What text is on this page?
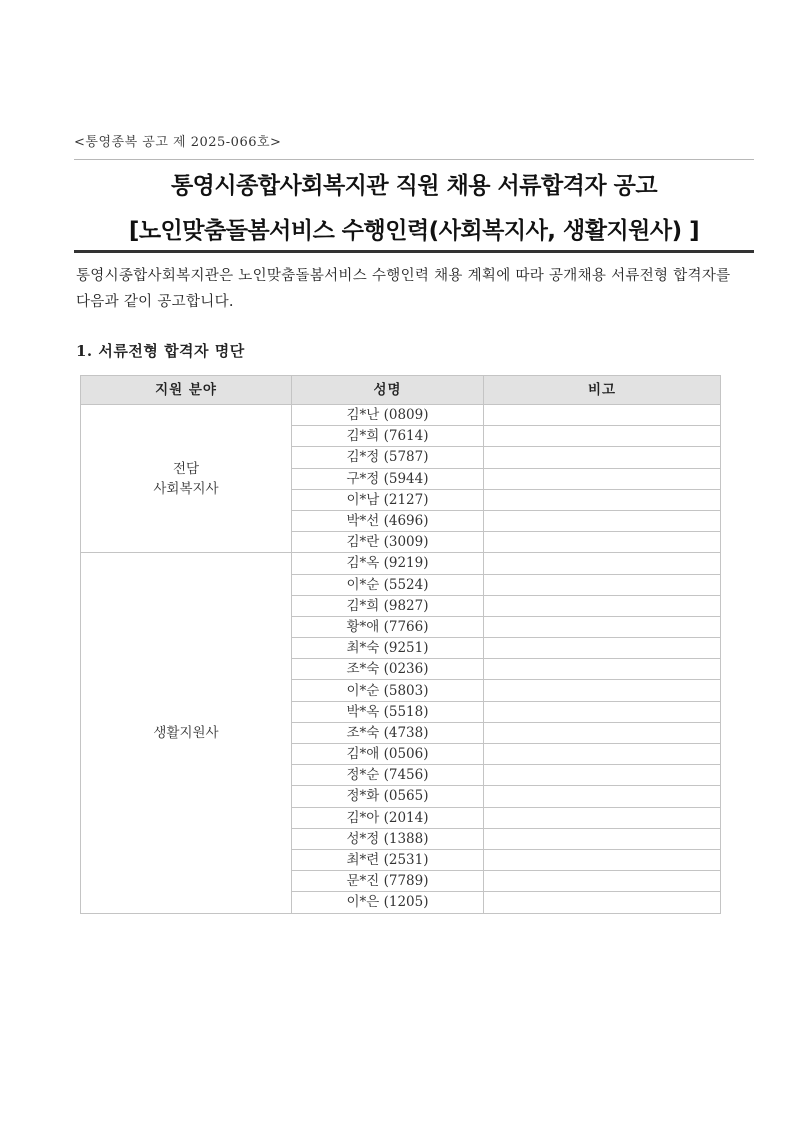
<통영종복 공고 제 2025-066호>
통영시종합사회복지관 직원 채용 서류합격자 공고
[노인맞춤돌봄서비스 수행인력(사회복지사, 생활지원사) ]

통영시종합사회복지관은 노인맞춤돌봄서비스 수행인력 채용 계획에 따라 공개채용 서류전형 합격자를 다음과 같이 공고합니다.

1. 서류전형 합격자 명단
지원 분야	성명	비고

전담
사회복지사	김*난 (0809)	
	김*희 (7614)	
	김*정 (5787)	
	구*정 (5944)	
	이*남 (2127)	
	박*선 (4696)	
	김*란 (3009)	

생활지원사	김*옥 (9219)	
	이*순 (5524)	
	김*희 (9827)	
	황*애 (7766)	
	최*숙 (9251)	
	조*숙 (0236)	
	이*순 (5803)	
	박*옥 (5518)	
	조*숙 (4738)	
	김*애 (0506)	
	정*순 (7456)	
	정*화 (0565)	
	김*아 (2014)	
	성*정 (1388)	
	최*련 (2531)	
	문*진 (7789)	
	이*은 (1205)	
